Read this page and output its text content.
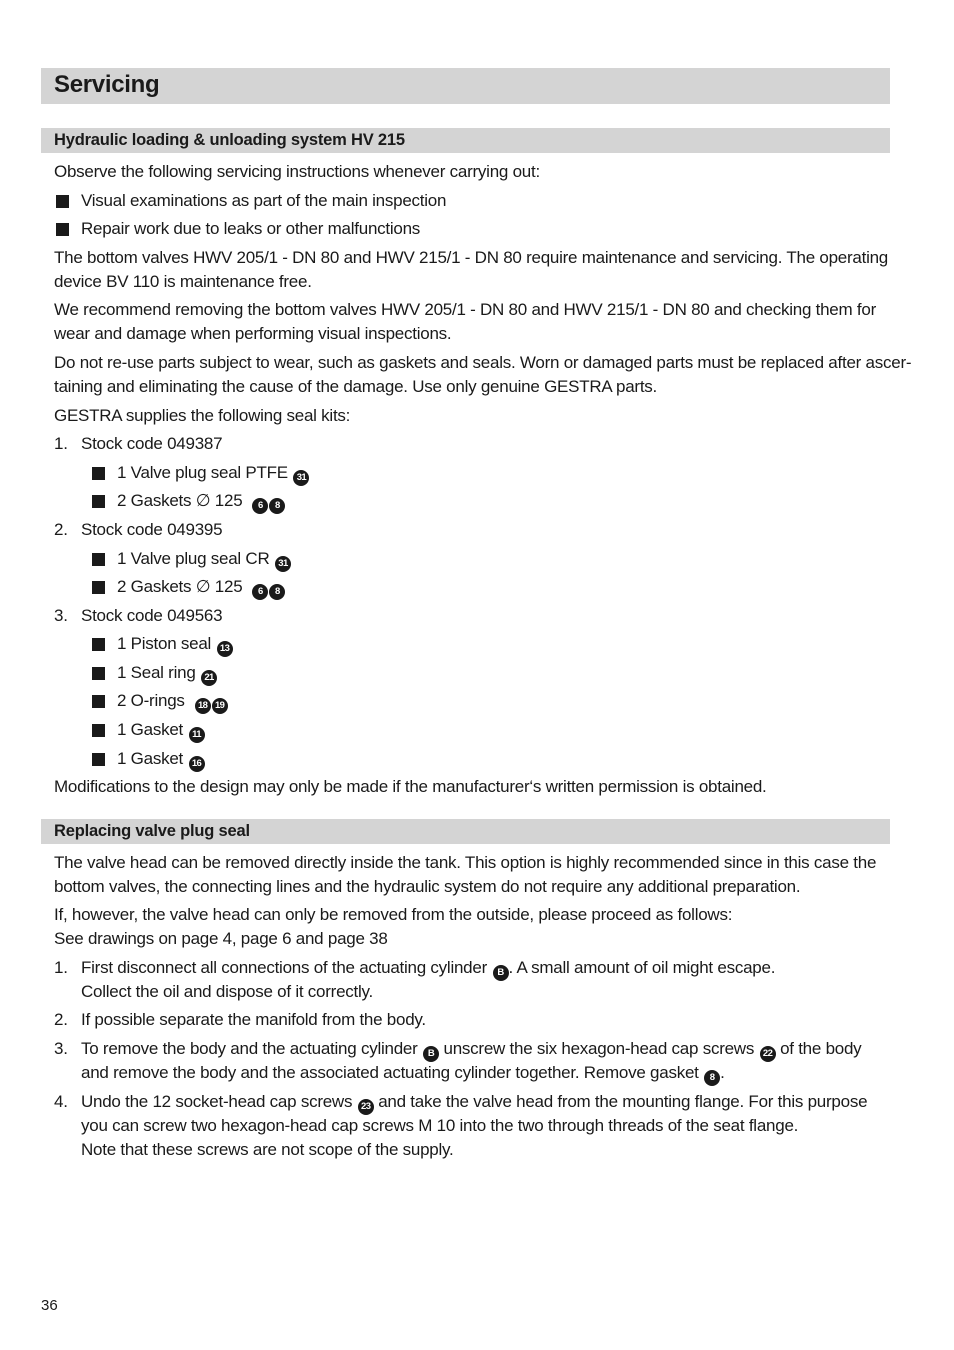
Servicing
Hydraulic loading & unloading system HV 215
Observe the following servicing instructions whenever carrying out:
Visual examinations as part of the main inspection
Repair work due to leaks or other malfunctions
The bottom valves HWV 205/1 - DN 80 and HWV 215/1 - DN 80 require maintenance and servicing. The operating
device BV 110 is maintenance free.
We recommend removing the bottom valves HWV 205/1 - DN 80 and HWV 215/1 - DN 80 and checking them for
wear and damage when performing visual inspections.
Do not re-use parts subject to wear, such as gaskets and seals. Worn or damaged parts must be replaced after ascer-
taining and eliminating the cause of the damage. Use only genuine GESTRA parts.
GESTRA supplies the following seal kits:
1. Stock code 049387
1 Valve plug seal PTFE 31
2 Gaskets ∅ 125 6 8
2. Stock code 049395
1 Valve plug seal CR 31
2 Gaskets ∅ 125 6 8
3. Stock code 049563
1 Piston seal 13
1 Seal ring 21
2 O-rings 18 19
1 Gasket 11
1 Gasket 16
Modifications to the design may only be made if the manufacturer‘s written permission is obtained.
Replacing valve plug seal
The valve head can be removed directly inside the tank. This option is highly recommended since in this case the
bottom valves, the connecting lines and the hydraulic system do not require any additional preparation.
If, however, the valve head can only be removed from the outside, please proceed as follows:
See drawings on page 4, page 6 and page 38
1. First disconnect all connections of the actuating cylinder B . A small amount of oil might escape.
Collect the oil and dispose of it correctly.
2. If possible separate the manifold from the body.
3. To remove the body and the actuating cylinder B unscrew the six hexagon-head cap screws 22 of the body
and remove the body and the associated actuating cylinder together. Remove gasket 8 .
4. Undo the 12 socket-head cap screws 23 and take the valve head from the mounting flange. For this purpose
you can screw two hexagon-head cap screws M 10 into the two through threads of the seat flange.
Note that these screws are not scope of the supply.
36
